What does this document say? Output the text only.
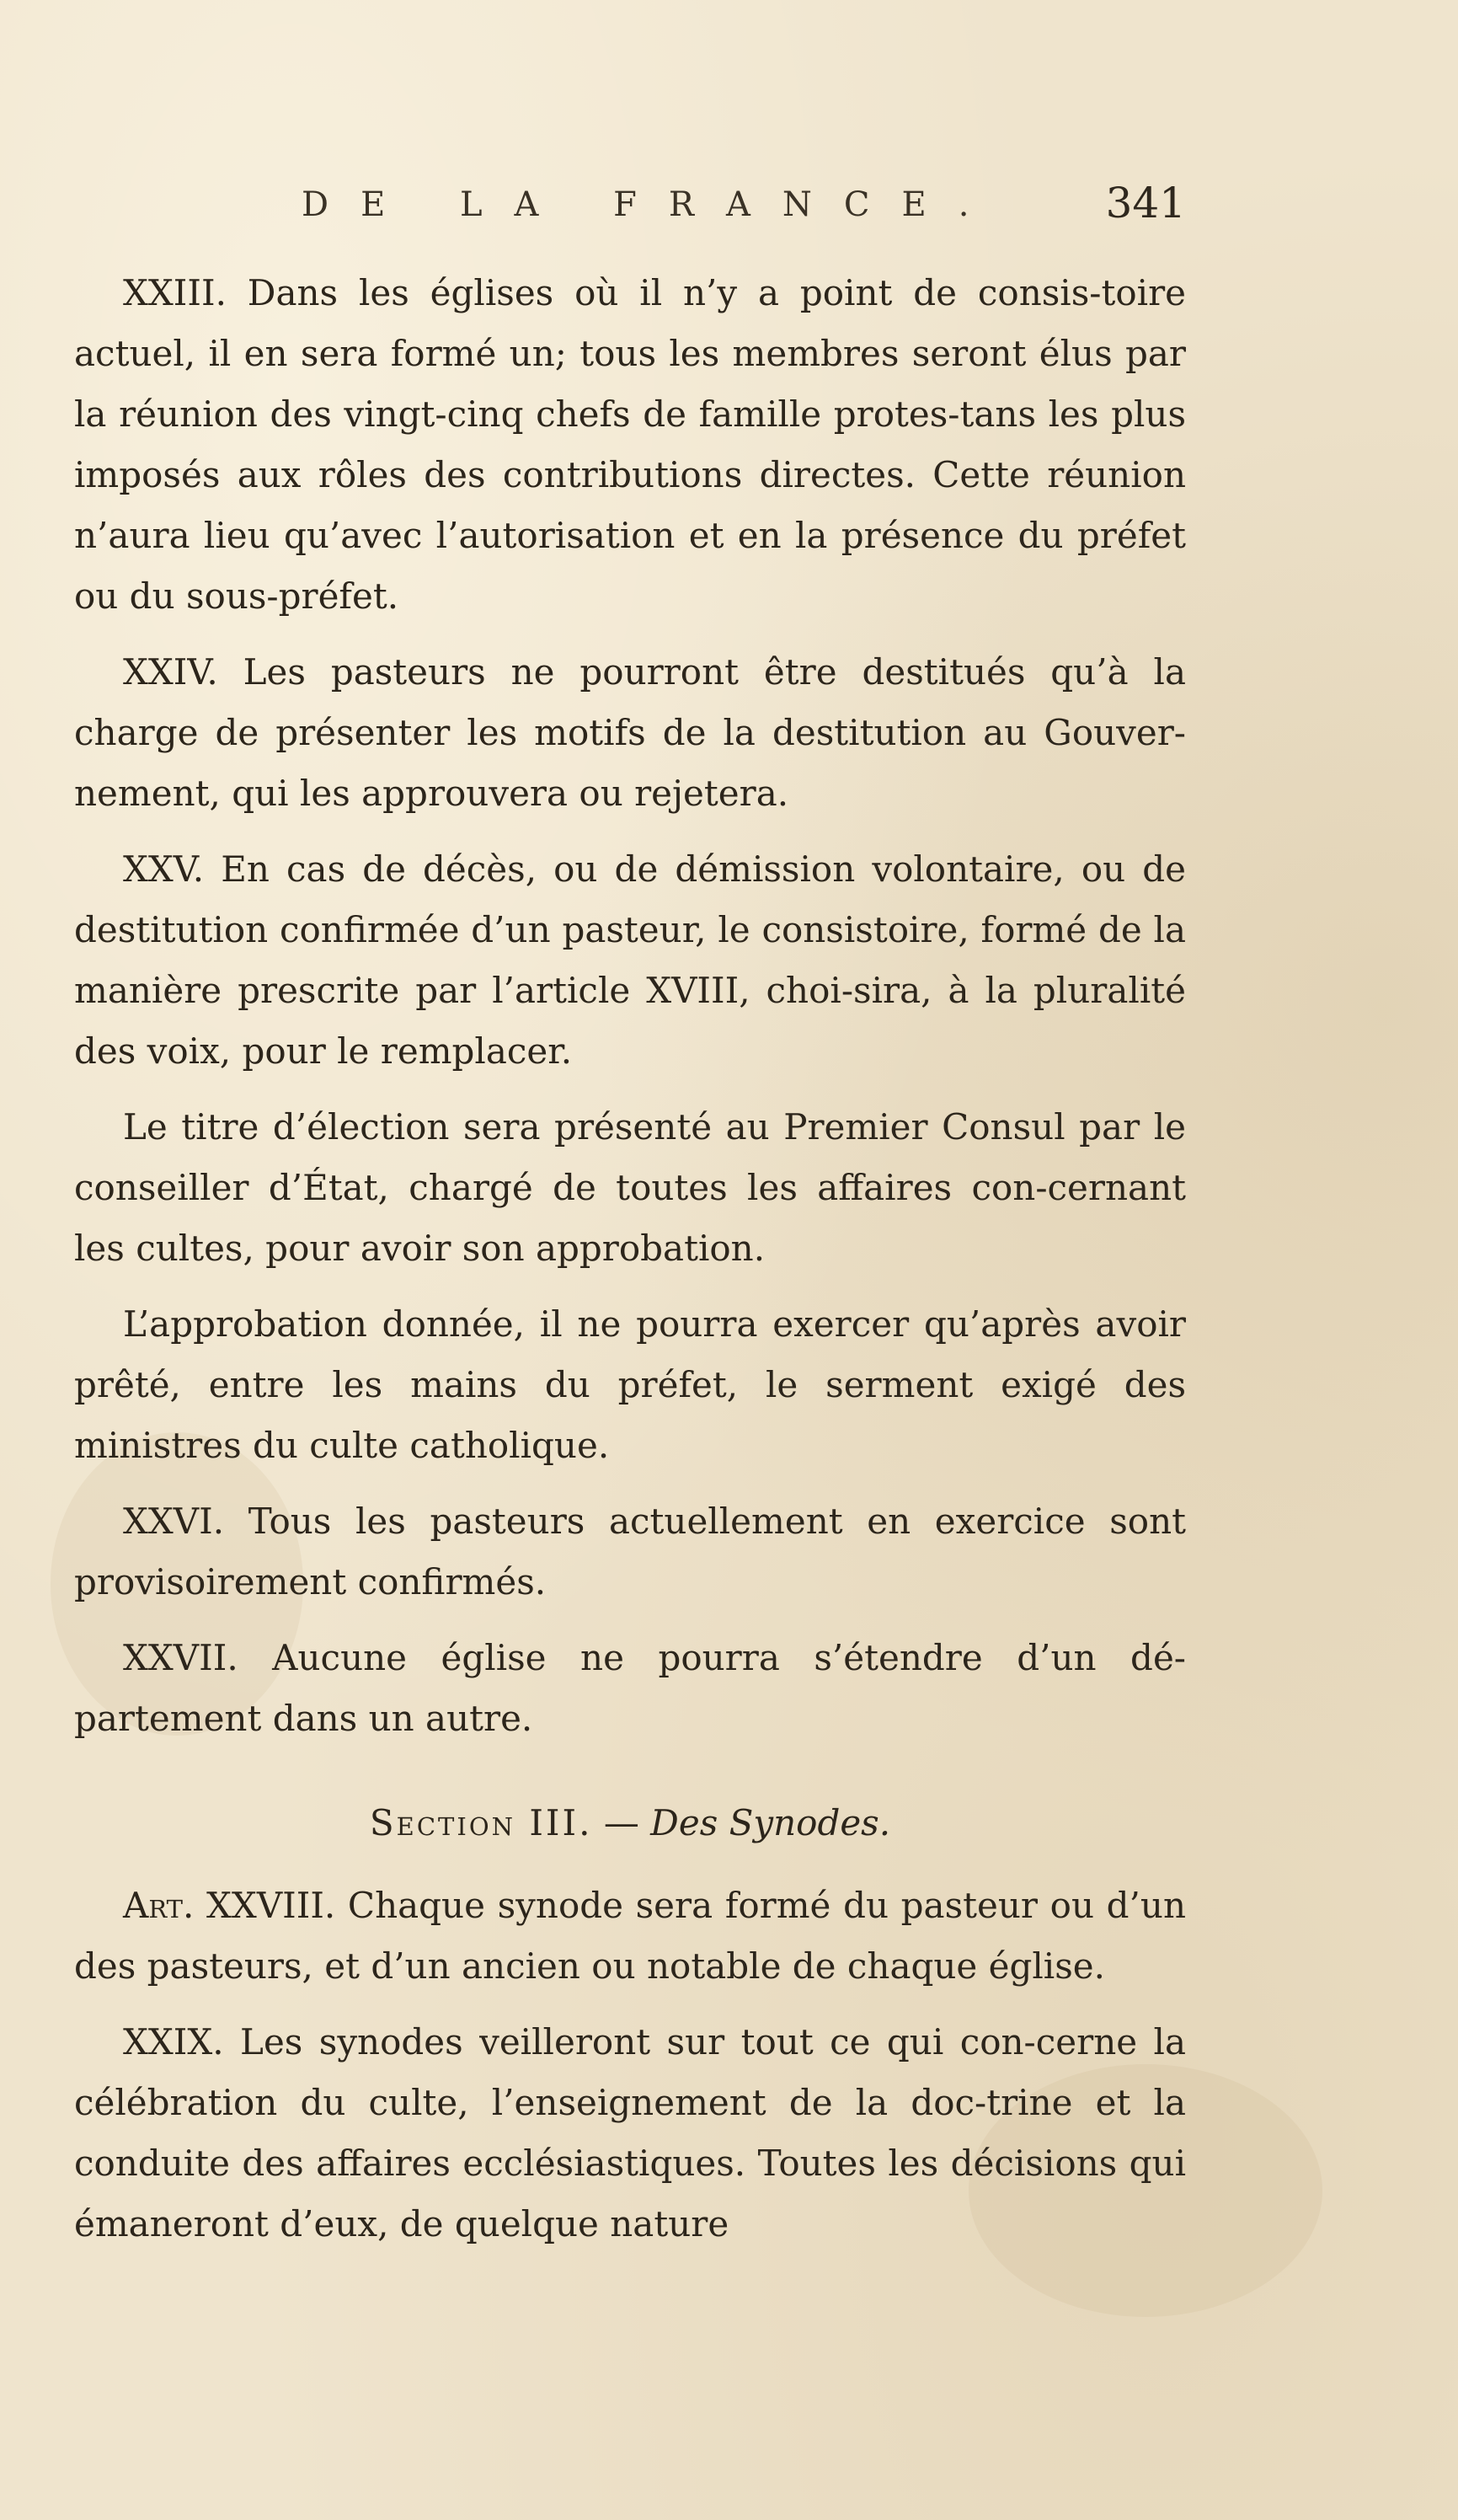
DE LA FRANCE. 341

XXIII. Dans les églises où il n’y a point de consis-toire actuel, il en sera formé un; tous les membres seront élus par la réunion des vingt-cinq chefs de famille protes-tans les plus imposés aux rôles des contributions directes. Cette réunion n’aura lieu qu’avec l’autorisation et en la présence du préfet ou du sous-préfet.

XXIV. Les pasteurs ne pourront être destitués qu’à la charge de présenter les motifs de la destitution au Gouver-nement, qui les approuvera ou rejetera.

XXV. En cas de décès, ou de démission volontaire, ou de destitution confirmée d’un pasteur, le consistoire, formé de la manière prescrite par l’article XVIII, choi-sira, à la pluralité des voix, pour le remplacer.

Le titre d’élection sera présenté au Premier Consul par le conseiller d’État, chargé de toutes les affaires con-cernant les cultes, pour avoir son approbation.

L’approbation donnée, il ne pourra exercer qu’après avoir prêté, entre les mains du préfet, le serment exigé des ministres du culte catholique.

XXVI. Tous les pasteurs actuellement en exercice sont provisoirement confirmés.

XXVII. Aucune église ne pourra s’étendre d’un dé-partement dans un autre.

Section III. — Des Synodes.

Art. XXVIII. Chaque synode sera formé du pasteur ou d’un des pasteurs, et d’un ancien ou notable de chaque église.

XXIX. Les synodes veilleront sur tout ce qui con-cerne la célébration du culte, l’enseignement de la doc-trine et la conduite des affaires ecclésiastiques. Toutes les décisions qui émaneront d’eux, de quelque nature
